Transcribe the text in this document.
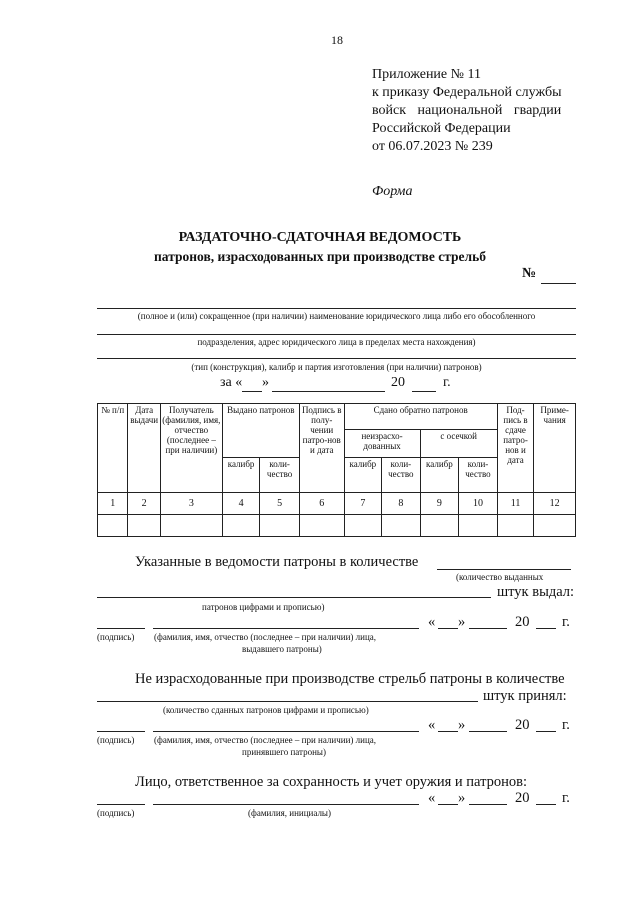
18
Приложение № 11
к приказу Федеральной службы
войск национальной гвардии
Российской Федерации
от 06.07.2023 № 239
Форма
РАЗДАТОЧНО-СДАТОЧНАЯ ВЕДОМОСТЬ
патронов, израсходованных при производстве стрельб
№
(полное и (или) сокращенное (при наличии) наименование юридического лица либо его обособленного
подразделения, адрес юридического лица в пределах места нахождения)
(тип (конструкция), калибр и партия изготовления (при наличии) патронов)
за « »	20	г.
№ п/п	Дата выдачи	Получатель (фамилия, имя, отчество (последнее – при наличии)	Выдано патронов		Подпись в полу-чении патро-нов и дата	Сдано обратно патронов				Под-пись в сдаче патро-нов и дата	Приме-чания
						неизрасхо-дованных		с осечкой			
			калибр	коли-чество		калибр	коли-чество	калибр	коли-чество		
1	2	3	4	5	6	7	8	9	10	11	12

Указанные в ведомости патроны в количестве
(количество выданных
штук выдал:
патронов цифрами и прописью)
« »	20 г.
(подпись) (фамилия, имя, отчество (последнее – при наличии) лица,
выдавшего патроны)
Не израсходованные при производстве стрельб патроны в количестве
штук принял:
(количество сданных патронов цифрами и прописью)
« »	20 г.
(подпись) (фамилия, имя, отчество (последнее – при наличии) лица,
принявшего патроны)
Лицо, ответственное за сохранность и учет оружия и патронов:
« »	20 г.
(подпись)	(фамилия, инициалы)
